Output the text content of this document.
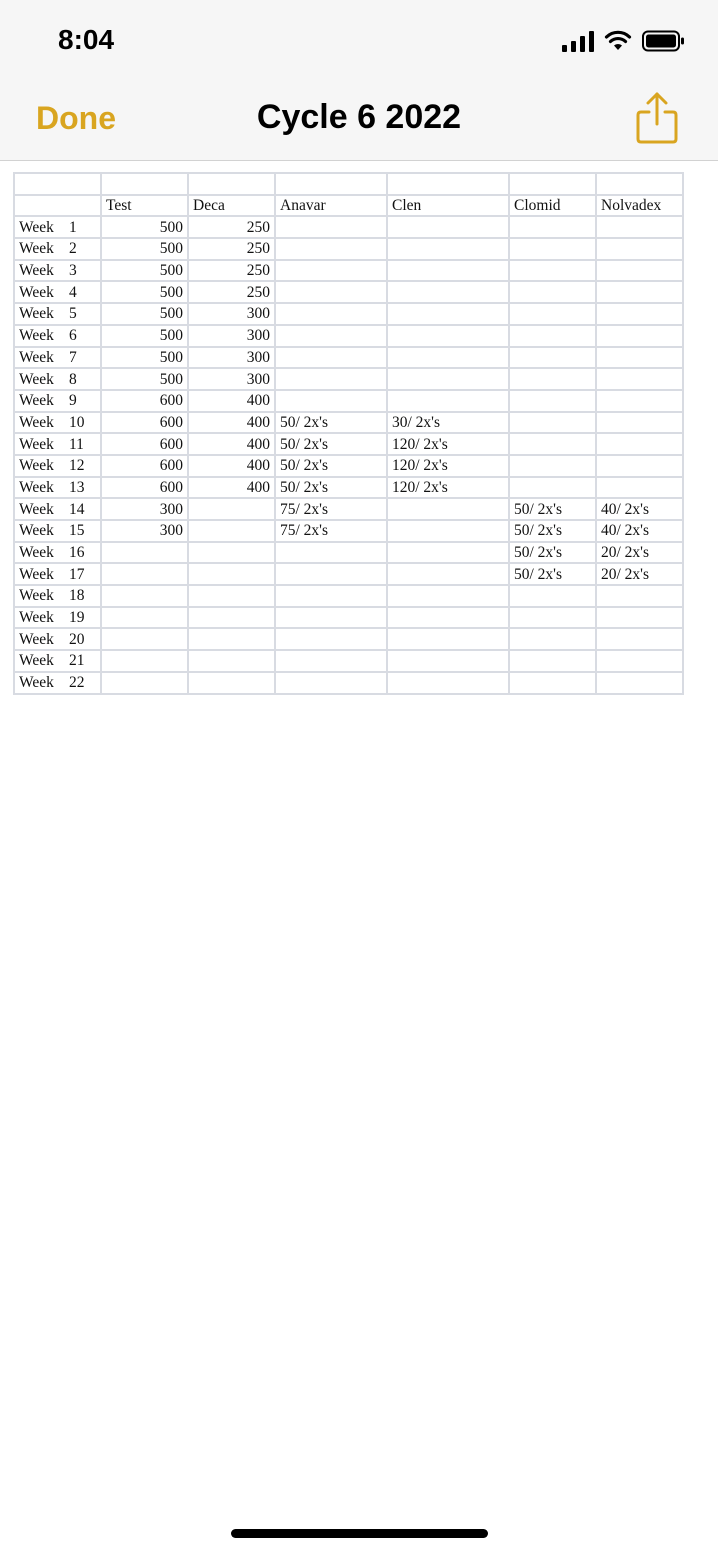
8:04
Done	Cycle 6 2022

	Test	Deca	Anavar	Clen	Clomid	Nolvadex

Week 1	500	250				

Week 2	500	250				

Week 3	500	250				

Week 4	500	250				

Week 5	500	300				

Week 6	500	300				

Week 7	500	300				

Week 8	500	300				

Week 9	600	400				

Week 10	600	400	50/ 2x's	30/ 2x's		

Week 11	600	400	50/ 2x's	120/ 2x's		

Week 12	600	400	50/ 2x's	120/ 2x's		

Week 13	600	400	50/ 2x's	120/ 2x's		

Week 14	300		75/ 2x's		50/ 2x's	40/ 2x's

Week 15	300		75/ 2x's		50/ 2x's	40/ 2x's

Week 16					50/ 2x's	20/ 2x's

Week 17					50/ 2x's	20/ 2x's

Week 18						

Week 19						

Week 20						

Week 21						

Week 22						
